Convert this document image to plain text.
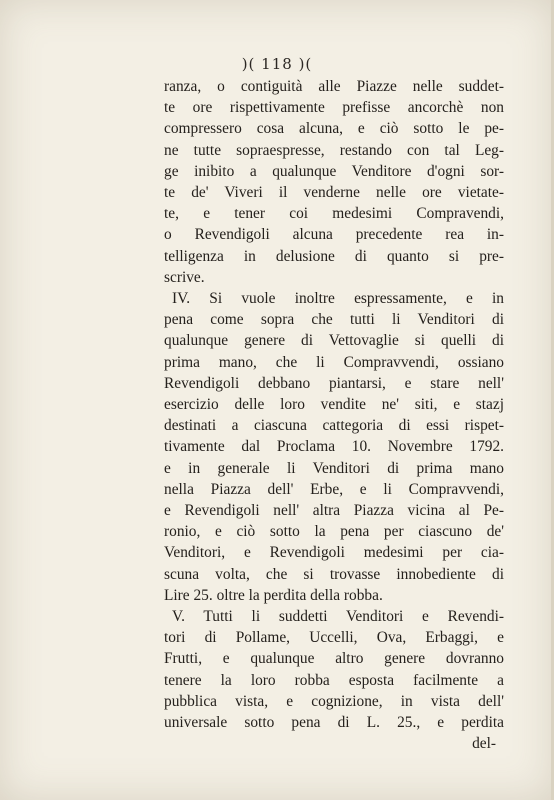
)( 118 )(
ranza, o contiguità alle Piazze nelle suddet-
te ore rispettivamente prefisse ancorchè non
compressero cosa alcuna, e ciò sotto le pe-
ne tutte sopraespresse, restando con tal Leg-
ge inibito a qualunque Venditore d'ogni sor-
te de' Viveri il venderne nelle ore vietate-
te, e tener coi medesimi Compravendi,
o Revendigoli alcuna precedente rea in-
telligenza in delusione di quanto si pre-
scrive.
IV. Si vuole inoltre espressamente, e in
pena come sopra che tutti li Venditori di
qualunque genere di Vettovaglie si quelli di
prima mano, che li Compravvendi, ossiano
Revendigoli debbano piantarsi, e stare nell'
esercizio delle loro vendite ne' siti, e stazj
destinati a ciascuna cattegoria di essi rispet-
tivamente dal Proclama 10. Novembre 1792.
e in generale li Venditori di prima mano
nella Piazza dell' Erbe, e li Compravvendi,
e Revendigoli nell' altra Piazza vicina al Pe-
ronio, e ciò sotto la pena per ciascuno de'
Venditori, e Revendigoli medesimi per cia-
scuna volta, che si trovasse innobediente di
Lire 25. oltre la perdita della robba.
V. Tutti li suddetti Venditori e Revendi-
tori di Pollame, Uccelli, Ova, Erbaggi, e
Frutti, e qualunque altro genere dovranno
tenere la loro robba esposta facilmente a
pubblica vista, e cognizione, in vista dell'
universale sotto pena di L. 25., e perdita
del-
